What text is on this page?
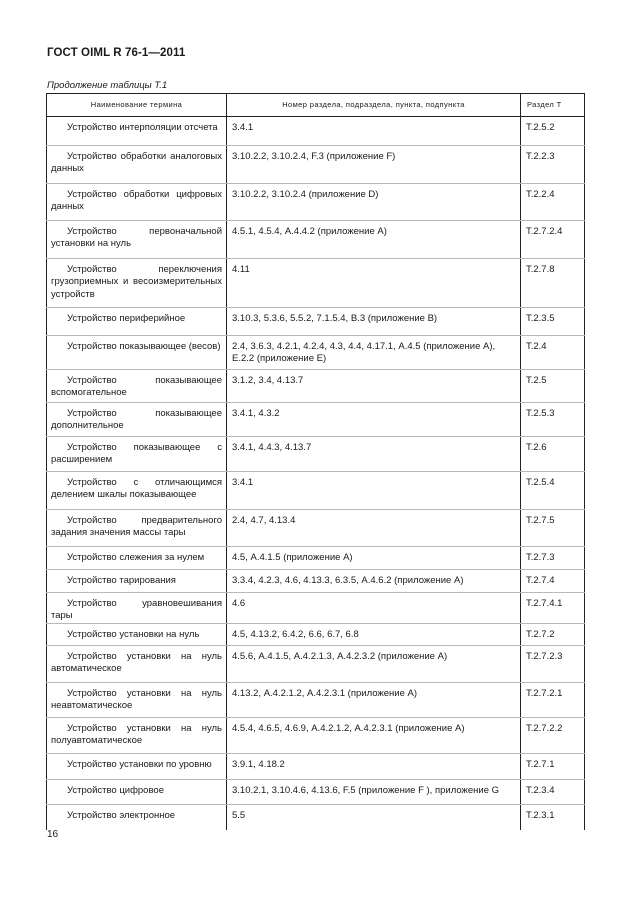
ГОСТ OIML R 76-1—2011
Продолжение таблицы Т.1
Наименование термина	Номер раздела, подраздела, пункта, подпункта	Раздел Т
Устройство интерполяции отсчета	3.4.1	Т.2.5.2
Устройство обработки аналоговых данных	3.10.2.2, 3.10.2.4, F.3 (приложение F)	Т.2.2.3
Устройство обработки цифровых данных	3.10.2.2, 3.10.2.4 (приложение D)	Т.2.2.4
Устройство первоначальной установки на нуль	4.5.1, 4.5.4, А.4.4.2 (приложение А)	Т.2.7.2.4
Устройство переключения грузоприемных и весоизмерительных устройств	4.11	Т.2.7.8
Устройство периферийное	3.10.3, 5.3.6, 5.5.2, 7.1.5.4, В.3 (приложение В)	Т.2.3.5
Устройство показывающее (весов)	2.4, 3.6.3, 4.2.1, 4.2.4, 4.3, 4.4, 4.17.1, А.4.5 (приложение А), Е.2.2 (приложение Е)	Т.2.4
Устройство показывающее вспомогательное	3.1.2, 3.4, 4.13.7	Т.2.5
Устройство показывающее дополнительное	3.4.1, 4.3.2	Т.2.5.3
Устройство показывающее с расширением	3.4.1, 4.4.3, 4.13.7	Т.2.6
Устройство с отличающимся делением шкалы показывающее	3.4.1	Т.2.5.4
Устройство предварительного задания значения массы тары	2.4, 4.7, 4.13.4	Т.2.7.5
Устройство слежения за нулем	4.5, А.4.1.5 (приложение А)	Т.2.7.3
Устройство тарирования	3.3.4, 4.2.3, 4.6, 4.13.3, 6.3.5, А.4.6.2 (приложение А)	Т.2.7.4
Устройство уравновешивания тары	4.6	Т.2.7.4.1
Устройство установки на нуль	4.5, 4.13.2, 6.4.2, 6.6, 6.7, 6.8	Т.2.7.2
Устройство установки на нуль автоматическое	4.5.6, А.4.1.5, А.4.2.1.3, А.4.2.3.2 (приложение А)	Т.2.7.2.3
Устройство установки на нуль неавтоматическое	4.13.2, А.4.2.1.2, А.4.2.3.1 (приложение А)	Т.2.7.2.1
Устройство установки на нуль полуавтоматическое	4.5.4, 4.6.5, 4.6.9, А.4.2.1.2, А.4.2.3.1 (приложение А)	Т.2.7.2.2
Устройство установки по уровню	3.9.1, 4.18.2	Т.2.7.1
Устройство цифровое	3.10.2.1, 3.10.4.6, 4.13.6, F.5 (приложение F ), приложение G	Т.2.3.4
Устройство электронное	5.5	Т.2.3.1
16
